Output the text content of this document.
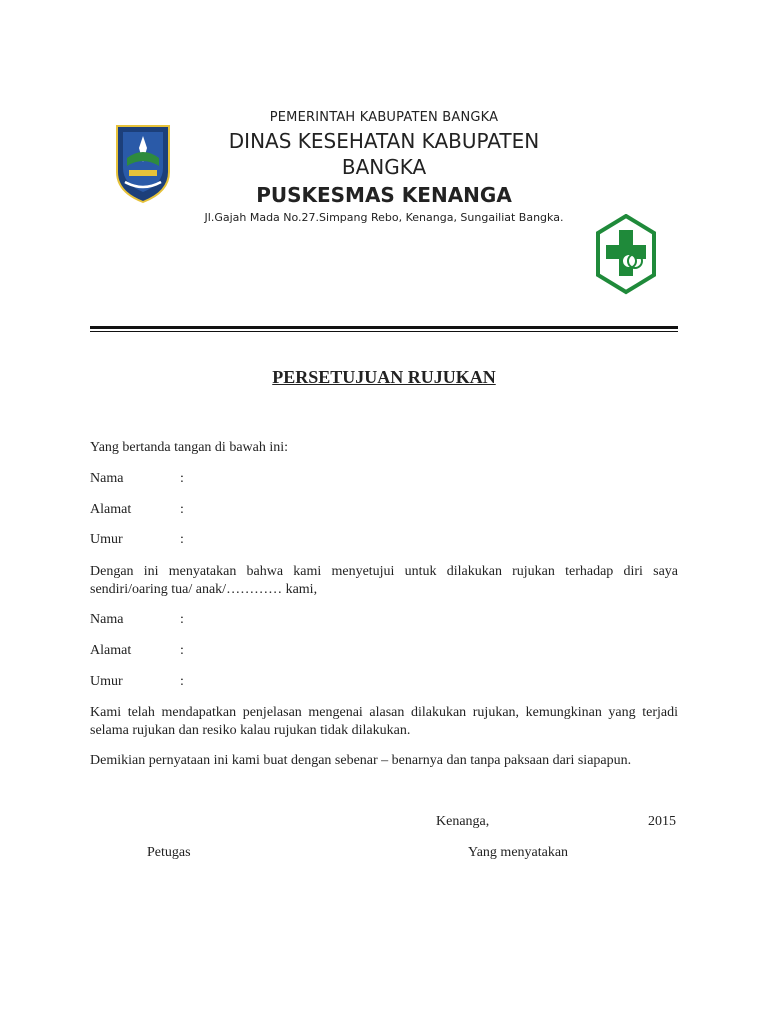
PEMERINTAH KABUPATEN BANGKA
DINAS KESEHATAN KABUPATEN
BANGKA
PUSKESMAS KENANGA
Jl.Gajah Mada No.27.Simpang Rebo, Kenanga, Sungailiat Bangka.
PERSETUJUAN RUJUKAN
Yang bertanda tangan di bawah ini:
Nama	:
Alamat	:
Umur	:
Dengan ini menyatakan bahwa kami menyetujui untuk dilakukan rujukan terhadap diri saya sendiri/oaring tua/ anak/………… kami,
Nama	:
Alamat	:
Umur	:
Kami telah mendapatkan penjelasan mengenai alasan dilakukan rujukan, kemungkinan yang terjadi selama rujukan dan resiko kalau rujukan tidak dilakukan.
Demikian pernyataan ini kami buat dengan sebenar – benarnya dan tanpa paksaan dari siapapun.
Kenanga,	2015
Petugas	Yang menyatakan
